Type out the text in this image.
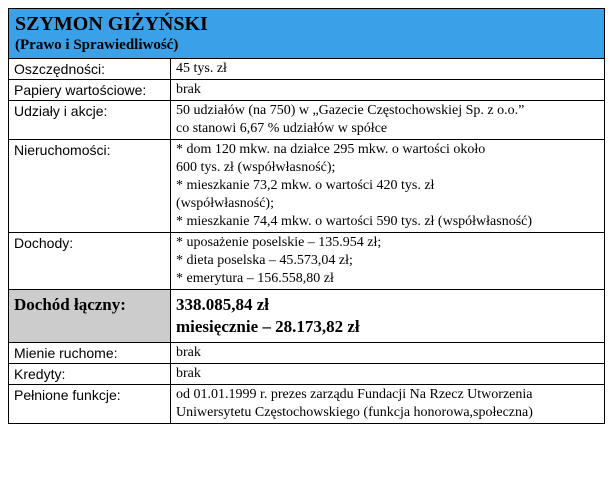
SZYMON GIŻYŃSKI
(Prawo i Sprawiedliwość)
Oszczędności:	45 tys. zł

Papiery wartościowe:	brak

Udziały i akcje:	50 udziałów (na 750) w „Gazecie Częstochowskiej Sp. z o.o.”
co stanowi 6,67 % udziałów w spółce

Nieruchomości:	* dom 120 mkw. na działce 295 mkw. o wartości około
600 tys. zł (współwłasność);
* mieszkanie 73,2 mkw. o wartości 420 tys. zł
(współwłasność);
* mieszkanie 74,4 mkw. o wartości 590 tys. zł (współwłasność)

Dochody:	* uposażenie poselskie – 135.954 zł;
* dieta poselska – 45.573,04 zł;
* emerytura – 156.558,80 zł

Dochód łączny:	338.085,84 zł
miesięcznie – 28.173,82 zł

Mienie ruchome:	brak

Kredyty:	brak

Pełnione funkcje:	od 01.01.1999 r. prezes zarządu Fundacji Na Rzecz Utworzenia
Uniwersytetu Częstochowskiego (funkcja honorowa,społeczna)
